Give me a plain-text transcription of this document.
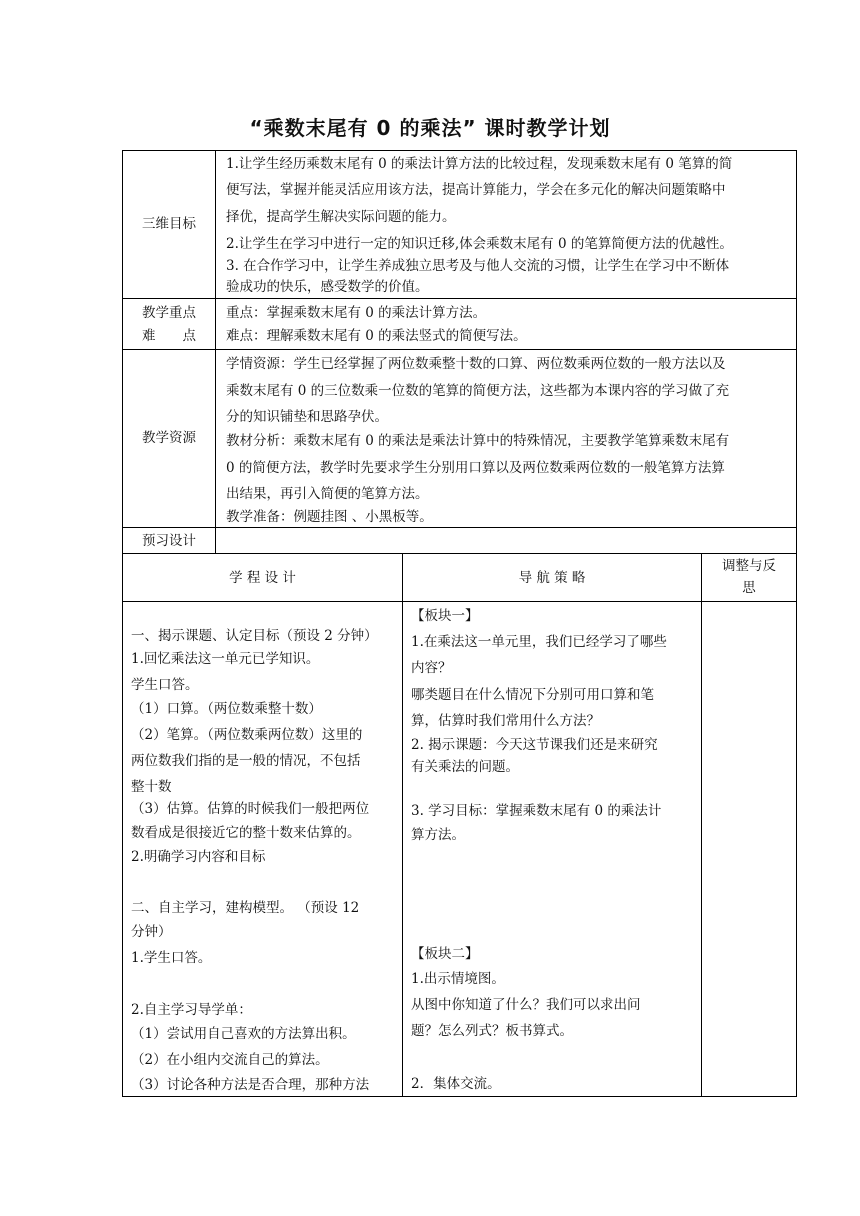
“乘数末尾有 0 的乘法” 课时教学计划
三维目标
教学重点
难　　点
教学资源
预习设计
1.让学生经历乘数末尾有 0 的乘法计算方法的比较过程，发现乘数末尾有 0 笔算的简
便写法，掌握并能灵活应用该方法，提高计算能力，学会在多元化的解决问题策略中
择优，提高学生解决实际问题的能力。
2.让学生在学习中进行一定的知识迁移,体会乘数末尾有 0 的笔算简便方法的优越性。
3. 在合作学习中，让学生养成独立思考及与他人交流的习惯，让学生在学习中不断体
验成功的快乐，感受数学的价值。
重点：掌握乘数末尾有 0 的乘法计算方法。
难点：理解乘数末尾有 0 的乘法竖式的简便写法。
学情资源：学生已经掌握了两位数乘整十数的口算、两位数乘两位数的一般方法以及
乘数末尾有 0 的三位数乘一位数的笔算的简便方法，这些都为本课内容的学习做了充
分的知识铺垫和思路孕伏。
教材分析：乘数末尾有 0 的乘法是乘法计算中的特殊情况，主要教学笔算乘数末尾有
0 的简便方法，教学时先要求学生分别用口算以及两位数乘两位数的一般笔算方法算
出结果，再引入简便的笔算方法。
教学准备：例题挂图 、小黑板等。
学 程 设 计	导 航 策 略
调整与反
思
一、揭示课题、认定目标（预设 2 分钟）
1.回忆乘法这一单元已学知识。
学生口答。
（1）口算。（两位数乘整十数）
（2）笔算。（两位数乘两位数）这里的
两位数我们指的是一般的情况，不包括
整十数
（3）估算。估算的时候我们一般把两位
数看成是很接近它的整十数来估算的。
2.明确学习内容和目标
二、自主学习，建构模型。 （预设 12
分钟）
1.学生口答。
2.自主学习导学单：
（1）尝试用自己喜欢的方法算出积。
（2）在小组内交流自己的算法。
（3）讨论各种方法是否合理，那种方法
【板块一】
1.在乘法这一单元里，我们已经学习了哪些
内容？
哪类题目在什么情况下分别可用口算和笔
算，估算时我们常用什么方法？
2. 揭示课题：今天这节课我们还是来研究
有关乘法的问题。
3. 学习目标：掌握乘数末尾有 0 的乘法计
算方法。
【板块二】
1.出示情境图。
从图中你知道了什么？我们可以求出问
题？怎么列式？板书算式。
2．集体交流。
